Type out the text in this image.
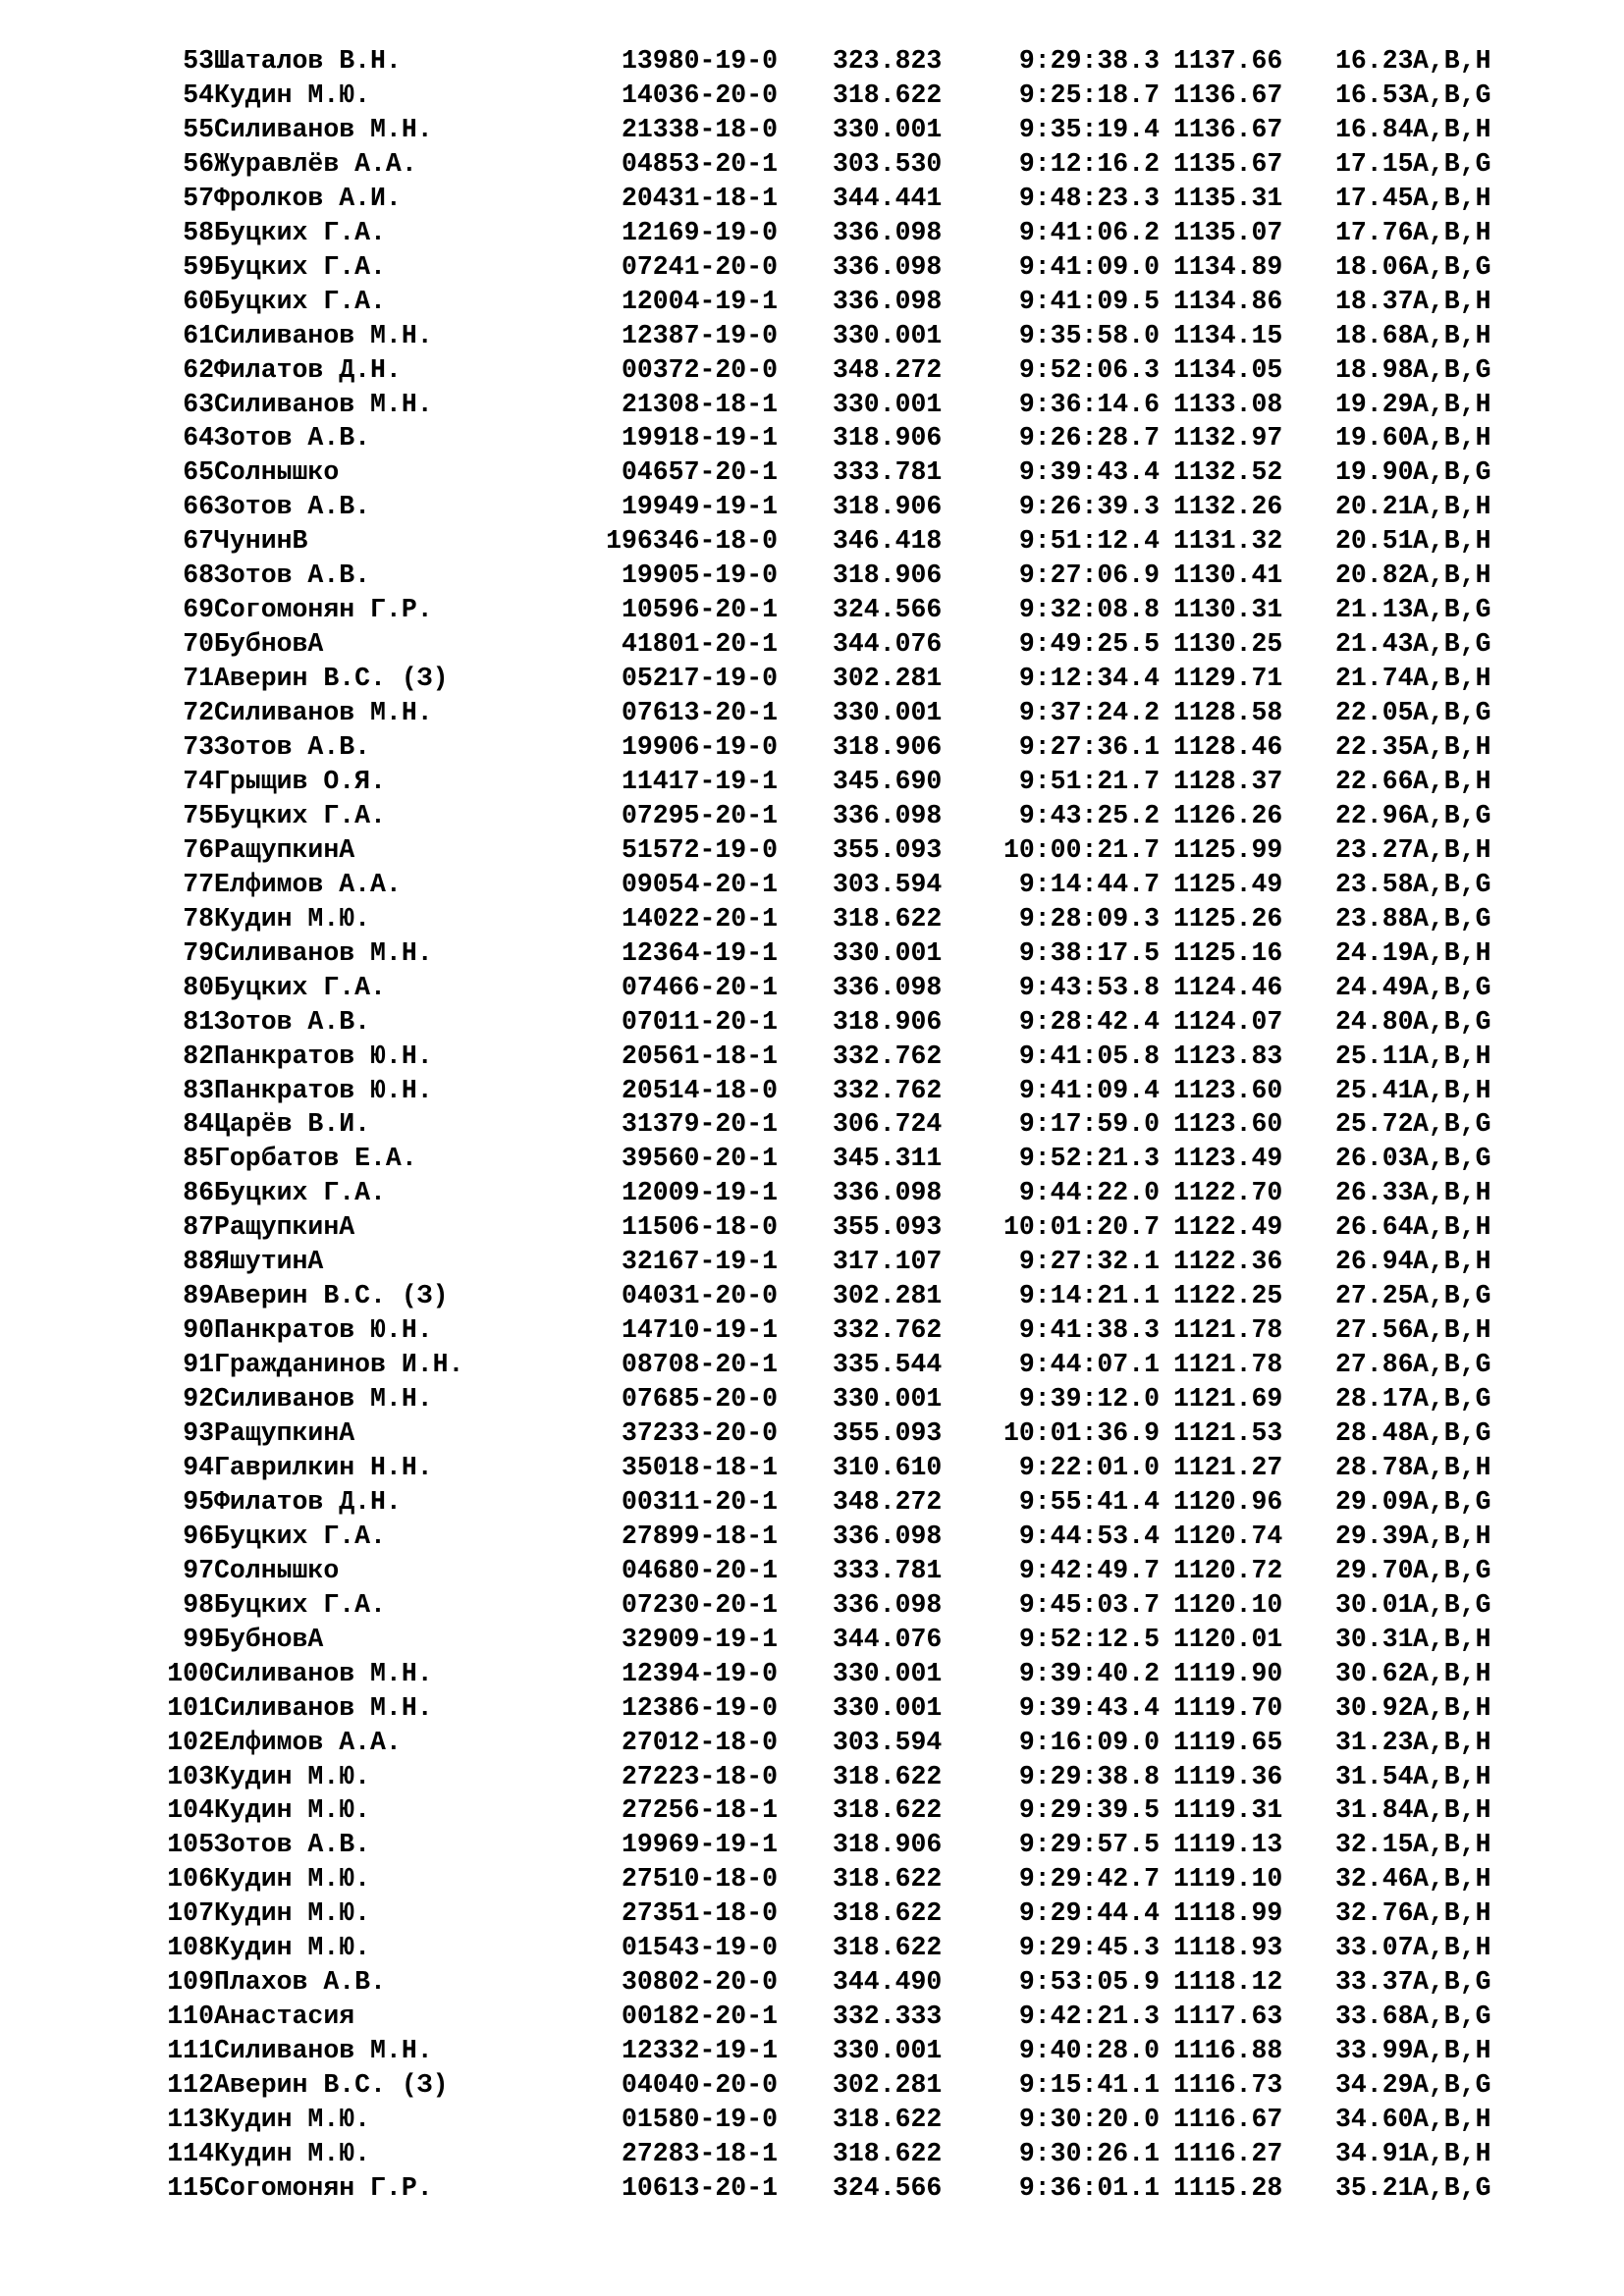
53 Шаталов В.Н.	13980-19-0 323.823	9:29:38.3 1137.66 16.23 A,B,H
54 Кудин М.Ю.	14036-20-0 318.622	9:25:18.7 1136.67 16.53 A,B,G
55 Силиванов М.Н.	21338-18-0 330.001	9:35:19.4 1136.67 16.84 A,B,H
56 Журавлёв А.А.	04853-20-1 303.530	9:12:16.2 1135.67 17.15 A,B,G
57 Фролков А.И.	20431-18-1 344.441	9:48:23.3 1135.31 17.45 A,B,H
58 Буцких Г.А.	12169-19-0 336.098	9:41:06.2 1135.07 17.76 A,B,H
59 Буцких Г.А.	07241-20-0 336.098	9:41:09.0 1134.89 18.06 A,B,G
60 Буцких Г.А.	12004-19-1 336.098	9:41:09.5 1134.86 18.37 A,B,H
61 Силиванов М.Н.	12387-19-0 330.001	9:35:58.0 1134.15 18.68 A,B,H
62 Филатов Д.Н.	00372-20-0 348.272	9:52:06.3 1134.05 18.98 A,B,G
63 Силиванов М.Н.	21308-18-1 330.001	9:36:14.6 1133.08 19.29 A,B,H
64 Зотов А.В.	19918-19-1 318.906	9:26:28.7 1132.97 19.60 A,B,H
65 Солнышко	04657-20-1 333.781	9:39:43.4 1132.52 19.90 A,B,G
66 Зотов А.В.	19949-19-1 318.906	9:26:39.3 1132.26 20.21 A,B,H
67 ЧунинВ	196346-18-0 346.418	9:51:12.4 1131.32 20.51 A,B,H
68 Зотов А.В.	19905-19-0 318.906	9:27:06.9 1130.41 20.82 A,B,H
69 Согомонян Г.Р.	10596-20-1 324.566	9:32:08.8 1130.31 21.13 A,B,G
70 БубновА	41801-20-1 344.076	9:49:25.5 1130.25 21.43 A,B,G
71 Аверин В.С. (З)	05217-19-0 302.281	9:12:34.4 1129.71 21.74 A,B,H
72 Силиванов М.Н.	07613-20-1 330.001	9:37:24.2 1128.58 22.05 A,B,G
73 Зотов А.В.	19906-19-0 318.906	9:27:36.1 1128.46 22.35 A,B,H
74 Грыщив О.Я.	11417-19-1 345.690	9:51:21.7 1128.37 22.66 A,B,H
75 Буцких Г.А.	07295-20-1 336.098	9:43:25.2 1126.26 22.96 A,B,G
76 РащупкинА	51572-19-0 355.093	10:00:21.7 1125.99 23.27 A,B,H
77 Елфимов А.А.	09054-20-1 303.594	9:14:44.7 1125.49 23.58 A,B,G
78 Кудин М.Ю.	14022-20-1 318.622	9:28:09.3 1125.26 23.88 A,B,G
79 Силиванов М.Н.	12364-19-1 330.001	9:38:17.5 1125.16 24.19 A,B,H
80 Буцких Г.А.	07466-20-1 336.098	9:43:53.8 1124.46 24.49 A,B,G
81 Зотов А.В.	07011-20-1 318.906	9:28:42.4 1124.07 24.80 A,B,G
82 Панкратов Ю.Н.	20561-18-1 332.762	9:41:05.8 1123.83 25.11 A,B,H
83 Панкратов Ю.Н.	20514-18-0 332.762	9:41:09.4 1123.60 25.41 A,B,H
84 Царёв В.И.	31379-20-1 306.724	9:17:59.0 1123.60 25.72 A,B,G
85 Горбатов Е.А.	39560-20-1 345.311	9:52:21.3 1123.49 26.03 A,B,G
86 Буцких Г.А.	12009-19-1 336.098	9:44:22.0 1122.70 26.33 A,B,H
87 РащупкинА	11506-18-0 355.093	10:01:20.7 1122.49 26.64 A,B,H
88 ЯшутинА	32167-19-1 317.107	9:27:32.1 1122.36 26.94 A,B,H
89 Аверин В.С. (З)	04031-20-0 302.281	9:14:21.1 1122.25 27.25 A,B,G
90 Панкратов Ю.Н.	14710-19-1 332.762	9:41:38.3 1121.78 27.56 A,B,H
91 Гражданинов И.Н.	08708-20-1 335.544	9:44:07.1 1121.78 27.86 A,B,G
92 Силиванов М.Н.	07685-20-0 330.001	9:39:12.0 1121.69 28.17 A,B,G
93 РащупкинА	37233-20-0 355.093	10:01:36.9 1121.53 28.48 A,B,G
94 Гаврилкин Н.Н.	35018-18-1 310.610	9:22:01.0 1121.27 28.78 A,B,H
95 Филатов Д.Н.	00311-20-1 348.272	9:55:41.4 1120.96 29.09 A,B,G
96 Буцких Г.А.	27899-18-1 336.098	9:44:53.4 1120.74 29.39 A,B,H
97 Солнышко	04680-20-1 333.781	9:42:49.7 1120.72 29.70 A,B,G
98 Буцких Г.А.	07230-20-1 336.098	9:45:03.7 1120.10 30.01 A,B,G
99 БубновА	32909-19-1 344.076	9:52:12.5 1120.01 30.31 A,B,H
100 Силиванов М.Н.	12394-19-0 330.001	9:39:40.2 1119.90 30.62 A,B,H
101 Силиванов М.Н.	12386-19-0 330.001	9:39:43.4 1119.70 30.92 A,B,H
102 Елфимов А.А.	27012-18-0 303.594	9:16:09.0 1119.65 31.23 A,B,H
103 Кудин М.Ю.	27223-18-0 318.622	9:29:38.8 1119.36 31.54 A,B,H
104 Кудин М.Ю.	27256-18-1 318.622	9:29:39.5 1119.31 31.84 A,B,H
105 Зотов А.В.	19969-19-1 318.906	9:29:57.5 1119.13 32.15 A,B,H
106 Кудин М.Ю.	27510-18-0 318.622	9:29:42.7 1119.10 32.46 A,B,H
107 Кудин М.Ю.	27351-18-0 318.622	9:29:44.4 1118.99 32.76 A,B,H
108 Кудин М.Ю.	01543-19-0 318.622	9:29:45.3 1118.93 33.07 A,B,H
109 Плахов А.В.	30802-20-0 344.490	9:53:05.9 1118.12 33.37 A,B,G
110 Анастасия	00182-20-1 332.333	9:42:21.3 1117.63 33.68 A,B,G
111 Силиванов М.Н.	12332-19-1 330.001	9:40:28.0 1116.88 33.99 A,B,H
112 Аверин В.С. (З)	04040-20-0 302.281	9:15:41.1 1116.73 34.29 A,B,G
113 Кудин М.Ю.	01580-19-0 318.622	9:30:20.0 1116.67 34.60 A,B,H
114 Кудин М.Ю.	27283-18-1 318.622	9:30:26.1 1116.27 34.91 A,B,H
115 Согомонян Г.Р.	10613-20-1 324.566	9:36:01.1 1115.28 35.21 A,B,G
